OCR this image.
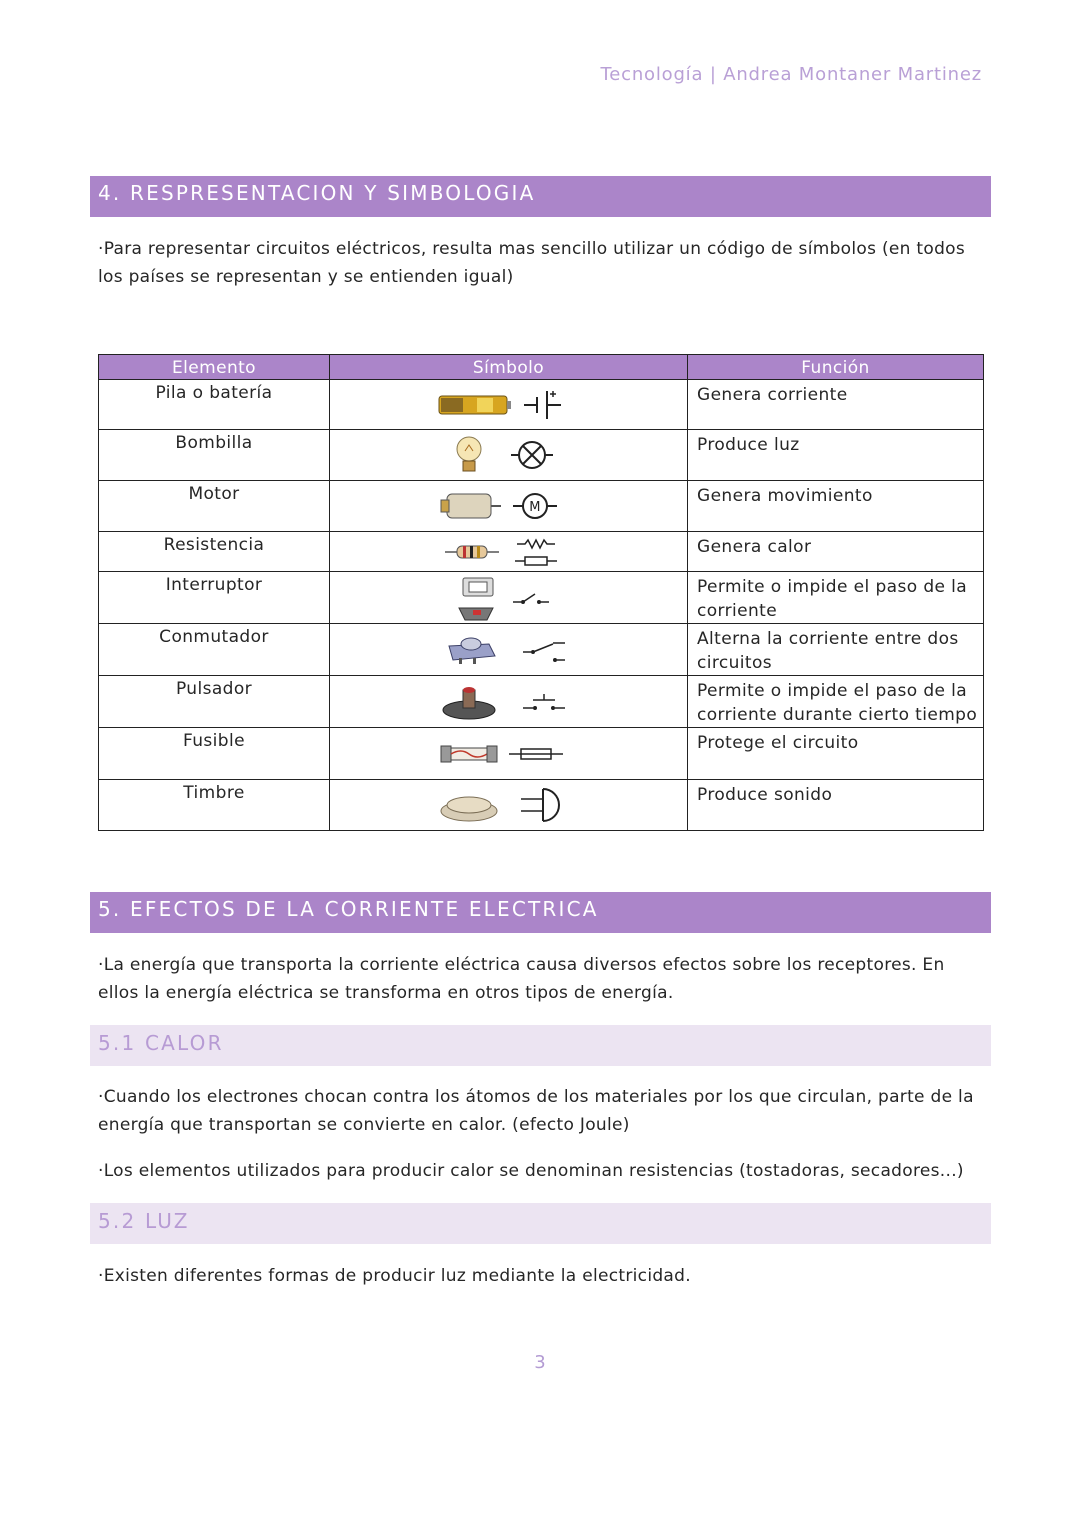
Tecnología | Andrea Montaner Martinez
4. RESPRESENTACION Y SIMBOLOGIA
·Para representar circuitos eléctricos, resulta mas sencillo utilizar un código de símbolos (en todos los países se representan y se entienden igual)
Elemento	Símbolo	Función
Pila o batería		Genera corriente
Bombilla		Produce luz
Motor	M	Genera movimiento
Resistencia		Genera calor
Interruptor		Permite o impide el paso de la corriente
Conmutador		Alterna la corriente entre dos circuitos
Pulsador		Permite o impide el paso de la corriente durante cierto tiempo
Fusible		Protege el circuito
Timbre		Produce sonido
5. EFECTOS DE LA CORRIENTE ELECTRICA
·La energía que transporta la corriente eléctrica causa diversos efectos sobre los receptores. En ellos la energía eléctrica se transforma en otros tipos de energía.
5.1 CALOR
·Cuando los electrones chocan contra los átomos de los materiales por los que circulan, parte de la energía que transportan se convierte en calor. (efecto Joule)
·Los elementos utilizados para producir calor se denominan resistencias (tostadoras, secadores...)
5.2 LUZ
·Existen diferentes formas de producir luz mediante la electricidad.
3
